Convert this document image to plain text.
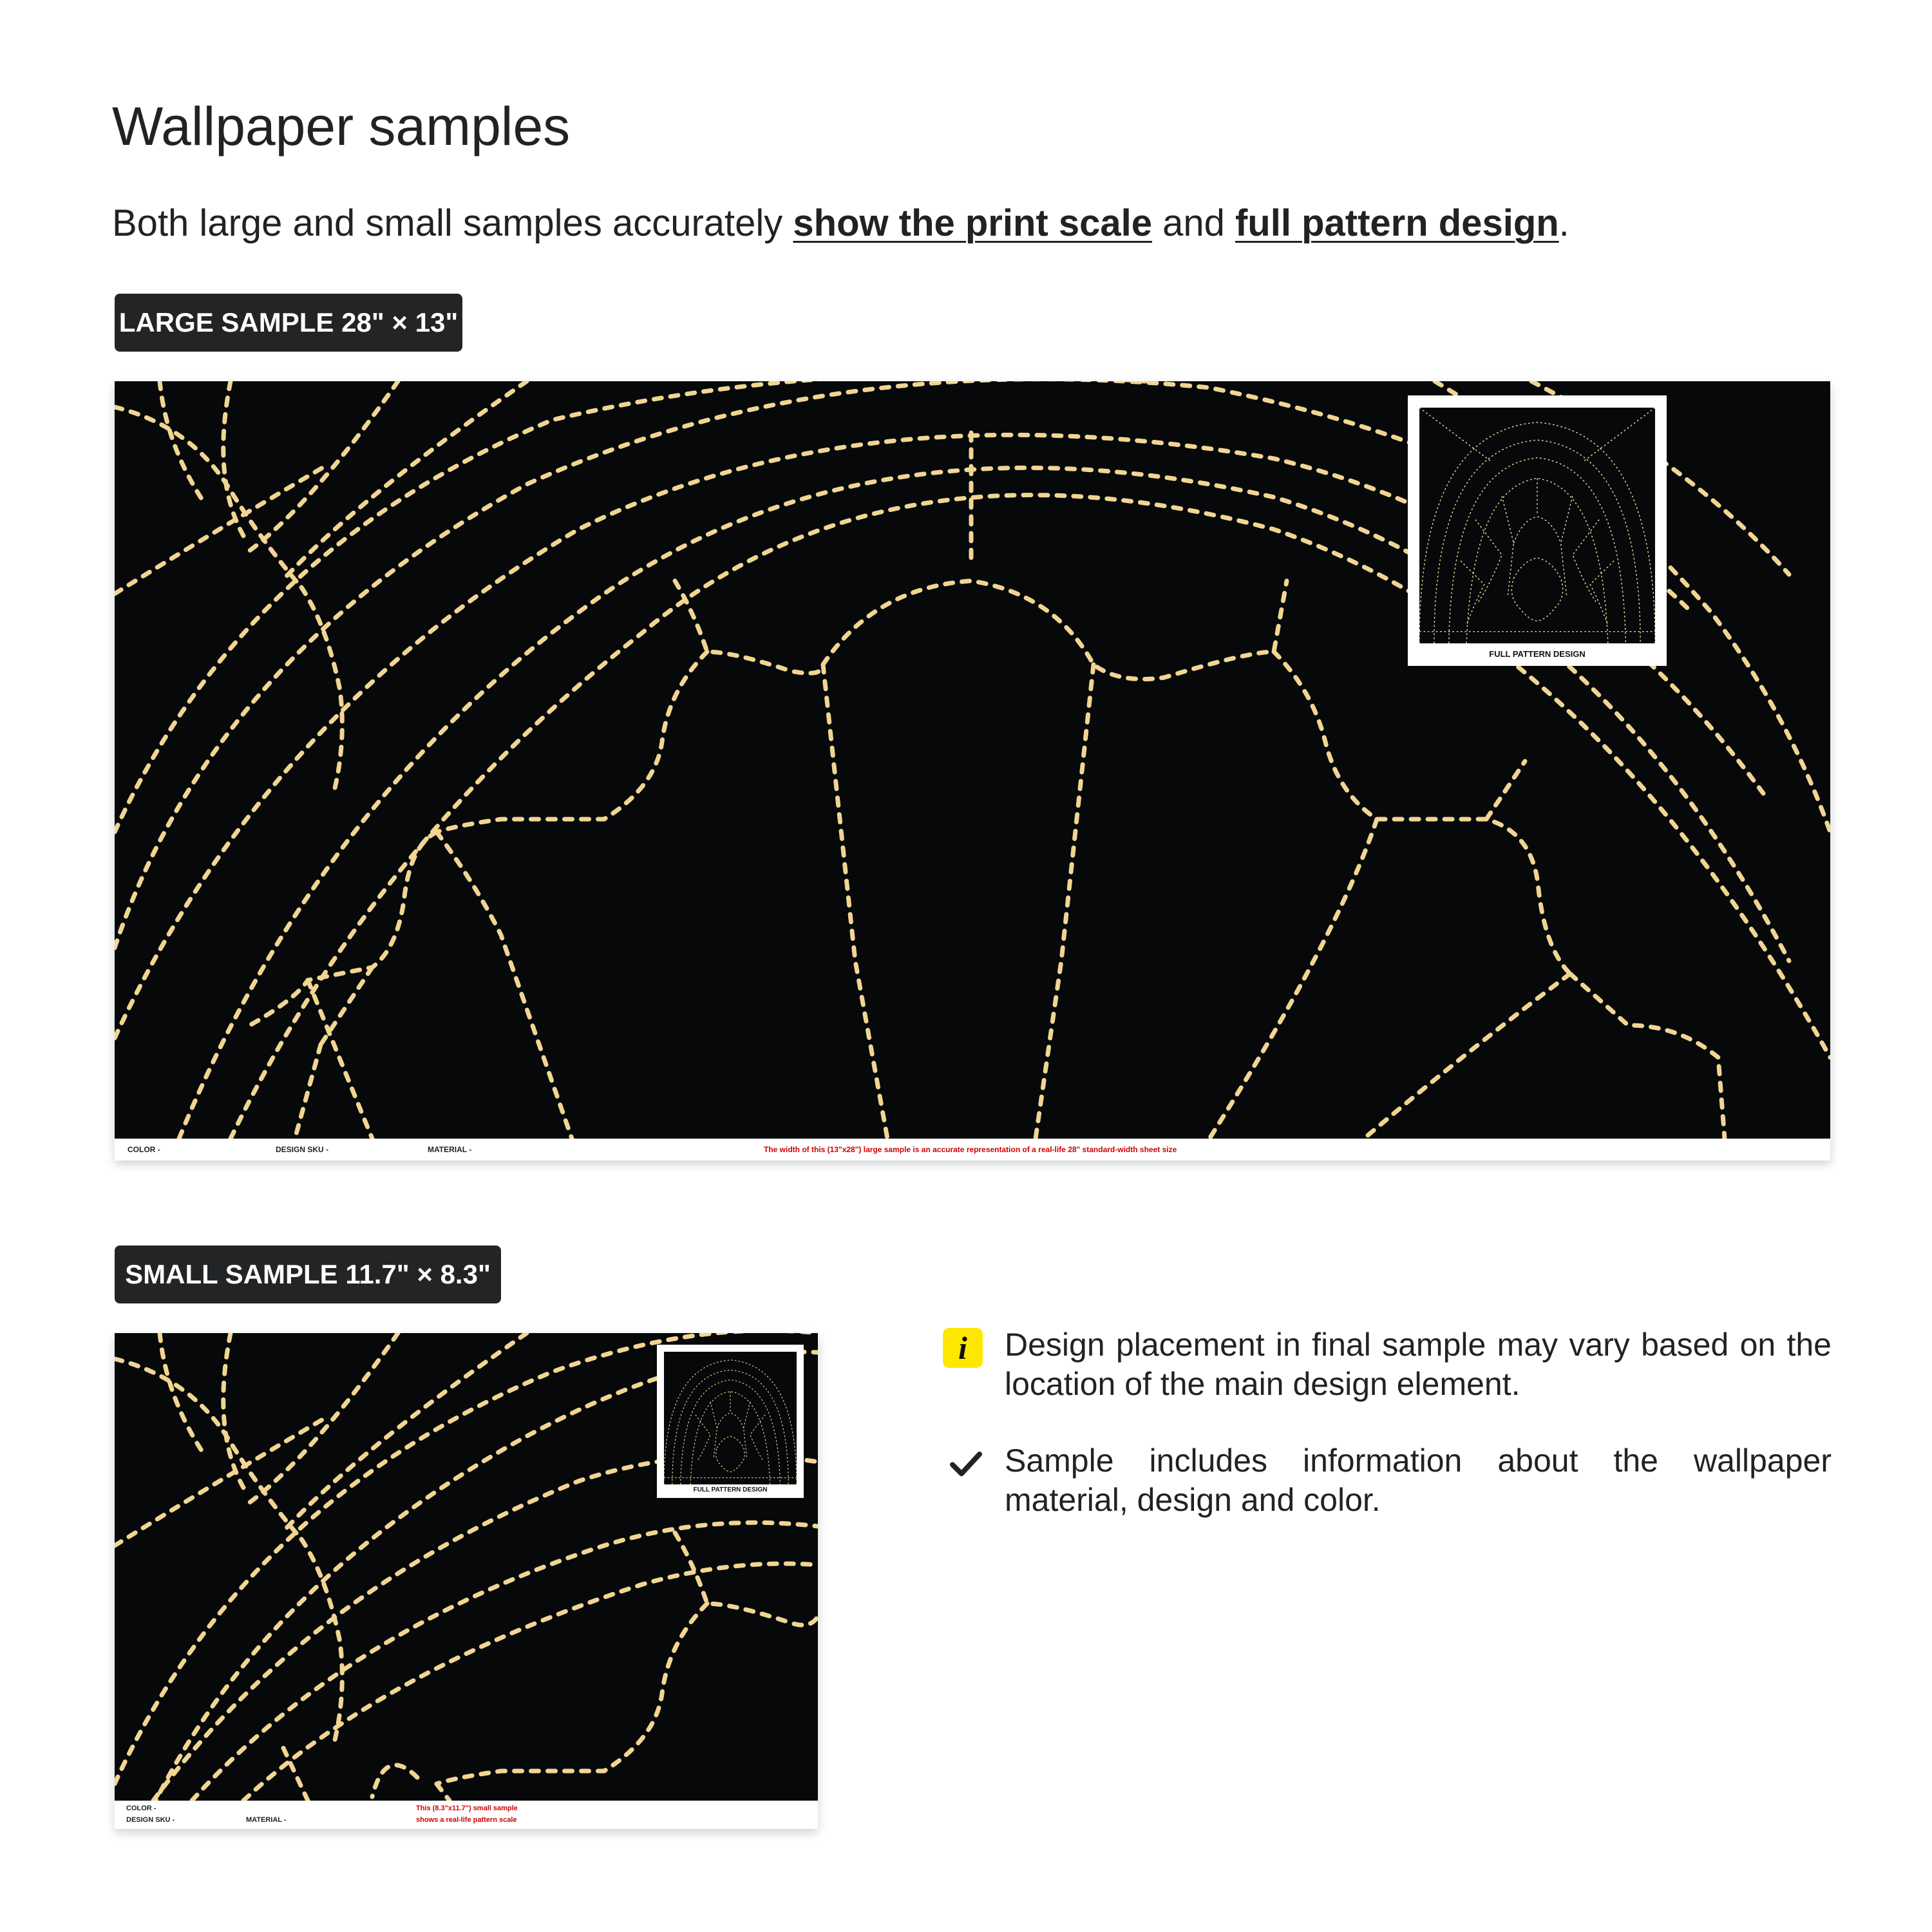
Wallpaper samples
Both large and small samples accurately show the print scale and full pattern design.
LARGE SAMPLE 28" × 13"
FULL PATTERN DESIGN
COLOR -	DESIGN SKU -	MATERIAL -	The width of this (13"x28") large sample is an accurate representation of a real-life 28" standard-width sheet size
SMALL SAMPLE 11.7" × 8.3"
FULL PATTERN DESIGN
COLOR -
DESIGN SKU -	MATERIAL -
This (8.3"x11.7") small sample
shows a real-life pattern scale
i	Design placement in final sample may vary based on the location of the main design element.
Sample includes information about the wallpaper material, design and color.
